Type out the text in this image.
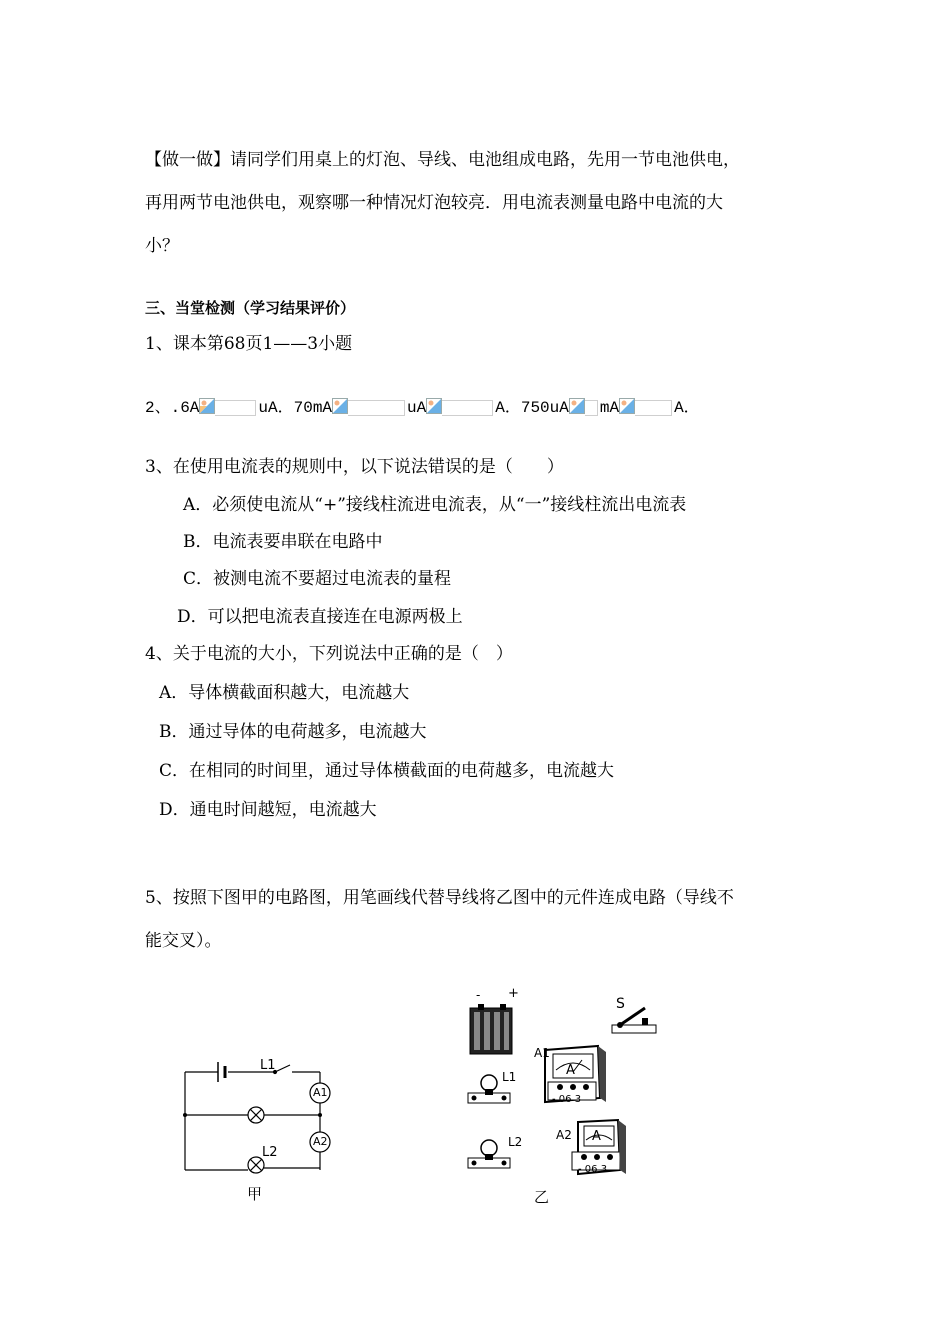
【做一做】请同学们用桌上的灯泡、导线、电池组成电路，先用一节电池供电，
再用两节电池供电，观察哪一种情况灯泡较亮．用电流表测量电路中电流的大
小？
三、当堂检测（学习结果评价）
1、课本第68页1——3小题
2、.6A	uA．70mA	uA	A．750uA mA	A．
3、在使用电流表的规则中，以下说法错误的是（　　）
A．必须使电流从“+”接线柱流进电流表，从“一”接线柱流出电流表
B．电流表要串联在电路中
C．被测电流不要超过电流表的量程
D．可以把电流表直接连在电源两极上
4、关于电流的大小，下列说法中正确的是（　）
A．导体横截面积越大，电流越大
B．通过导体的电荷越多，电流越大
C．在相同的时间里，通过导体横截面的电荷越多，电流越大
D．通电时间越短，电流越大
5、按照下图甲的电路图，用笔画线代替导线将乙图中的元件连成电路（导线不
能交叉）。
L1
A1
A2
L2
甲
- +
S
A1
A
- 06 3
L1
A2 A
- 06 3
L2
乙
